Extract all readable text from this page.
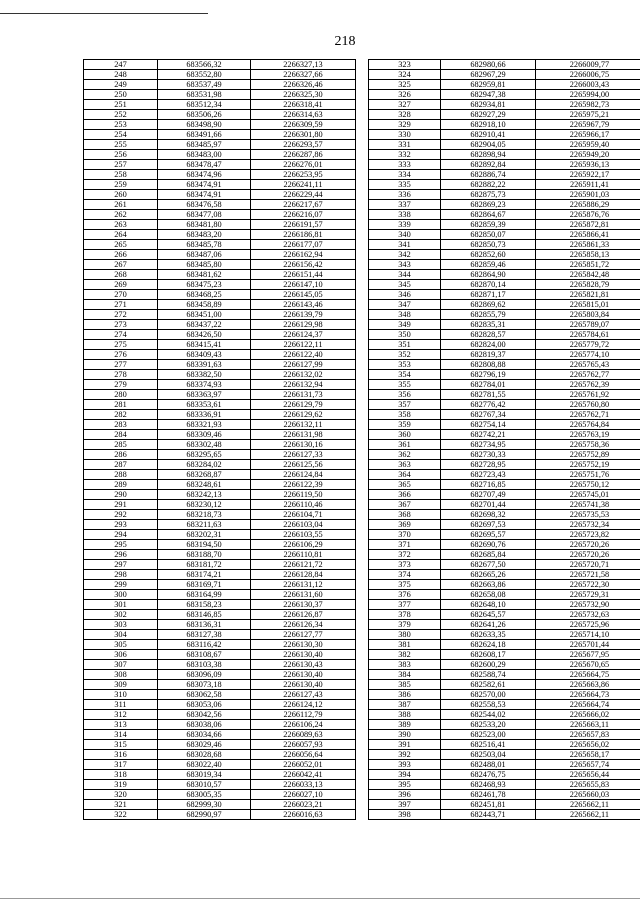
218
247	683566,32	2266327,13
248	683552,80	2266327,66
249	683537,49	2266326,46
250	683531,98	2266325,30
251	683512,34	2266318,41
252	683506,26	2266314,63
253	683498,90	2266309,59
254	683491,66	2266301,80
255	683485,97	2266293,57
256	683483,00	2266287,86
257	683478,47	2266276,01
258	683474,96	2266253,95
259	683474,91	2266241,11
260	683474,91	2266229,44
261	683476,58	2266217,67
262	683477,08	2266216,07
263	683481,80	2266191,57
264	683483,20	2266186,81
265	683485,78	2266177,07
266	683487,06	2266162,94
267	683485,80	2266156,42
268	683481,62	2266151,44
269	683475,23	2266147,10
270	683468,25	2266145,05
271	683458,89	2266143,46
272	683451,00	2266139,79
273	683437,22	2266129,98
274	683426,50	2266124,37
275	683415,41	2266122,11
276	683409,43	2266122,40
277	683391,63	2266127,99
278	683382,50	2266132,02
279	683374,93	2266132,94
280	683363,97	2266131,73
281	683353,61	2266129,79
282	683336,91	2266129,62
283	683321,93	2266132,11
284	683309,46	2266131,98
285	683302,48	2266130,16
286	683295,65	2266127,33
287	683284,02	2266125,56
288	683268,87	2266124,84
289	683248,61	2266122,39
290	683242,13	2266119,50
291	683230,12	2266110,46
292	683218,73	2266104,71
293	683211,63	2266103,04
294	683202,31	2266103,55
295	683194,50	2266106,29
296	683188,70	2266110,81
297	683181,72	2266121,72
298	683174,21	2266128,84
299	683169,71	2266131,12
300	683164,99	2266131,60
301	683158,23	2266130,37
302	683146,85	2266126,87
303	683136,31	2266126,34
304	683127,38	2266127,77
305	683116,42	2266130,30
306	683108,67	2266130,40
307	683103,38	2266130,43
308	683096,09	2266130,40
309	683073,18	2266130,40
310	683062,58	2266127,43
311	683053,06	2266124,12
312	683042,56	2266112,79
313	683038,06	2266106,24
314	683034,66	2266089,63
315	683029,46	2266057,93
316	683028,68	2266056,64
317	683022,40	2266052,01
318	683019,34	2266042,41
319	683010,57	2266033,13
320	683005,35	2266027,10
321	682999,30	2266023,21
322	682990,97	2266016,63
323	682980,66	2266009,77
324	682967,29	2266006,75
325	682959,81	2266003,43
326	682947,38	2265994,00
327	682934,81	2265982,73
328	682927,29	2265975,21
329	682918,10	2265967,79
330	682910,41	2265966,17
331	682904,05	2265959,40
332	682898,94	2265949,20
333	682892,84	2265936,13
334	682886,74	2265922,17
335	682882,22	2265911,41
336	682875,73	2265901,03
337	682869,23	2265886,29
338	682864,67	2265876,76
339	682859,39	2265872,81
340	682850,07	2265866,41
341	682850,73	2265861,33
342	682852,60	2265858,13
343	682859,46	2265851,72
344	682864,90	2265842,48
345	682870,14	2265828,79
346	682871,17	2265821,81
347	682869,62	2265815,01
348	682855,79	2265803,84
349	682835,31	2265789,07
350	682828,57	2265784,61
351	682824,00	2265779,72
352	682819,37	2265774,10
353	682808,88	2265765,43
354	682796,19	2265762,77
355	682784,01	2265762,39
356	682781,55	2265761,92
357	682776,42	2265760,80
358	682767,34	2265762,71
359	682754,14	2265764,84
360	682742,21	2265763,19
361	682734,95	2265758,36
362	682730,33	2265752,89
363	682728,95	2265752,19
364	682723,43	2265751,76
365	682716,85	2265750,12
366	682707,49	2265745,01
367	682701,44	2265741,38
368	682698,32	2265735,53
369	682697,53	2265732,34
370	682695,57	2265723,82
371	682690,76	2265720,26
372	682685,84	2265720,26
373	682677,50	2265720,71
374	682665,26	2265721,58
375	682663,86	2265722,30
376	682658,08	2265729,31
377	682648,10	2265732,90
378	682645,57	2265732,63
379	682641,26	2265725,96
380	682633,35	2265714,10
381	682624,18	2265701,44
382	682608,17	2265677,95
383	682600,29	2265670,65
384	682588,74	2265664,75
385	682582,61	2265663,86
386	682570,00	2265664,73
387	682558,53	2265664,74
388	682544,02	2265666,02
389	682533,20	2265663,11
390	682523,00	2265657,83
391	682516,41	2265656,02
392	682503,04	2265658,17
393	682488,01	2265657,74
394	682476,75	2265656,44
395	682468,93	2265655,83
396	682461,78	2265660,03
397	682451,81	2265662,11
398	682443,71	2265662,11
